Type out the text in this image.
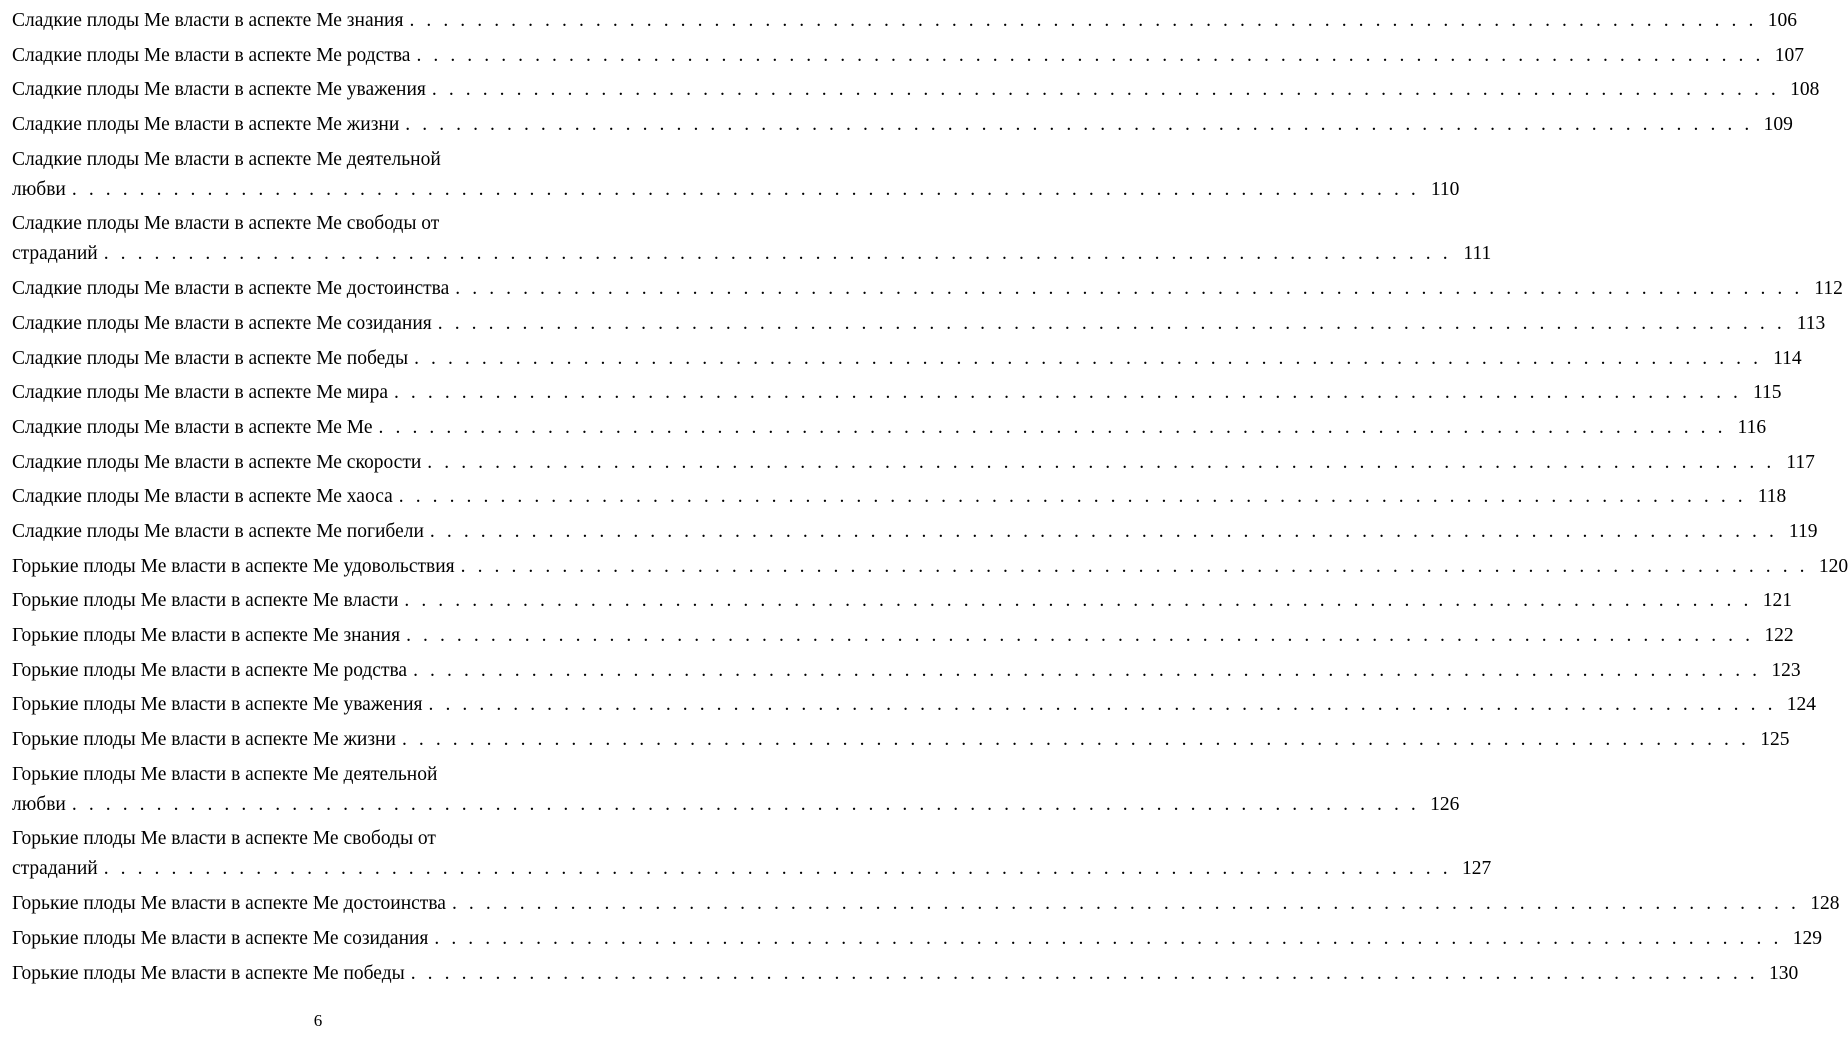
Сладкие плоды Ме власти в аспекте Ме знания . . . . . . . . . . . . . . . . . . . . . . . . . . . . . . . . . . . . . . . . . . . . . . . . . . . . . . . . . . . . . . . . . . . . . . . . . . . . . . . . 106
Сладкие плоды Ме власти в аспекте Ме родства . . . . . . . . . . . . . . . . . . . . . . . . . . . . . . . . . . . . . . . . . . . . . . . . . . . . . . . . . . . . . . . . . . . . . . . . . . . . . . . . 107
Сладкие плоды Ме власти в аспекте Ме уважения . . . . . . . . . . . . . . . . . . . . . . . . . . . . . . . . . . . . . . . . . . . . . . . . . . . . . . . . . . . . . . . . . . . . . . . . . . . . . . . . 108
Сладкие плоды Ме власти в аспекте Ме жизни . . . . . . . . . . . . . . . . . . . . . . . . . . . . . . . . . . . . . . . . . . . . . . . . . . . . . . . . . . . . . . . . . . . . . . . . . . . . . . . . 109
Сладкие плоды Ме власти в аспекте Ме деятельной
любви . . . . . . . . . . . . . . . . . . . . . . . . . . . . . . . . . . . . . . . . . . . . . . . . . . . . . . . . . . . . . . . . . . . . . . . . . . . . . . . . 110
Сладкие плоды Ме власти в аспекте Ме свободы от
страданий . . . . . . . . . . . . . . . . . . . . . . . . . . . . . . . . . . . . . . . . . . . . . . . . . . . . . . . . . . . . . . . . . . . . . . . . . . . . . . . . 111
Сладкие плоды Ме власти в аспекте Ме достоинства . . . . . . . . . . . . . . . . . . . . . . . . . . . . . . . . . . . . . . . . . . . . . . . . . . . . . . . . . . . . . . . . . . . . . . . . . . . . . . . . 112
Сладкие плоды Ме власти в аспекте Ме созидания . . . . . . . . . . . . . . . . . . . . . . . . . . . . . . . . . . . . . . . . . . . . . . . . . . . . . . . . . . . . . . . . . . . . . . . . . . . . . . . . 113
Сладкие плоды Ме власти в аспекте Ме победы . . . . . . . . . . . . . . . . . . . . . . . . . . . . . . . . . . . . . . . . . . . . . . . . . . . . . . . . . . . . . . . . . . . . . . . . . . . . . . . . 114
Сладкие плоды Ме власти в аспекте Ме мира . . . . . . . . . . . . . . . . . . . . . . . . . . . . . . . . . . . . . . . . . . . . . . . . . . . . . . . . . . . . . . . . . . . . . . . . . . . . . . . . 115
Сладкие плоды Ме власти в аспекте Ме Ме . . . . . . . . . . . . . . . . . . . . . . . . . . . . . . . . . . . . . . . . . . . . . . . . . . . . . . . . . . . . . . . . . . . . . . . . . . . . . . . . 116
Сладкие плоды Ме власти в аспекте Ме скорости . . . . . . . . . . . . . . . . . . . . . . . . . . . . . . . . . . . . . . . . . . . . . . . . . . . . . . . . . . . . . . . . . . . . . . . . . . . . . . . . 117
Сладкие плоды Ме власти в аспекте Ме хаоса . . . . . . . . . . . . . . . . . . . . . . . . . . . . . . . . . . . . . . . . . . . . . . . . . . . . . . . . . . . . . . . . . . . . . . . . . . . . . . . . 118
Сладкие плоды Ме власти в аспекте Ме погибели . . . . . . . . . . . . . . . . . . . . . . . . . . . . . . . . . . . . . . . . . . . . . . . . . . . . . . . . . . . . . . . . . . . . . . . . . . . . . . . . 119
Горькие плоды Ме власти в аспекте Ме удовольствия . . . . . . . . . . . . . . . . . . . . . . . . . . . . . . . . . . . . . . . . . . . . . . . . . . . . . . . . . . . . . . . . . . . . . . . . . . . . . . . . 120
Горькие плоды Ме власти в аспекте Ме власти . . . . . . . . . . . . . . . . . . . . . . . . . . . . . . . . . . . . . . . . . . . . . . . . . . . . . . . . . . . . . . . . . . . . . . . . . . . . . . . . 121
Горькие плоды Ме власти в аспекте Ме знания . . . . . . . . . . . . . . . . . . . . . . . . . . . . . . . . . . . . . . . . . . . . . . . . . . . . . . . . . . . . . . . . . . . . . . . . . . . . . . . . 122
Горькие плоды Ме власти в аспекте Ме родства . . . . . . . . . . . . . . . . . . . . . . . . . . . . . . . . . . . . . . . . . . . . . . . . . . . . . . . . . . . . . . . . . . . . . . . . . . . . . . . . 123
Горькие плоды Ме власти в аспекте Ме уважения . . . . . . . . . . . . . . . . . . . . . . . . . . . . . . . . . . . . . . . . . . . . . . . . . . . . . . . . . . . . . . . . . . . . . . . . . . . . . . . . 124
Горькие плоды Ме власти в аспекте Ме жизни . . . . . . . . . . . . . . . . . . . . . . . . . . . . . . . . . . . . . . . . . . . . . . . . . . . . . . . . . . . . . . . . . . . . . . . . . . . . . . . . 125
Горькие плоды Ме власти в аспекте Ме деятельной
любви . . . . . . . . . . . . . . . . . . . . . . . . . . . . . . . . . . . . . . . . . . . . . . . . . . . . . . . . . . . . . . . . . . . . . . . . . . . . . . . . 126
Горькие плоды Ме власти в аспекте Ме свободы от
страданий . . . . . . . . . . . . . . . . . . . . . . . . . . . . . . . . . . . . . . . . . . . . . . . . . . . . . . . . . . . . . . . . . . . . . . . . . . . . . . . . 127
Горькие плоды Ме власти в аспекте Ме достоинства . . . . . . . . . . . . . . . . . . . . . . . . . . . . . . . . . . . . . . . . . . . . . . . . . . . . . . . . . . . . . . . . . . . . . . . . . . . . . . . . 128
Горькие плоды Ме власти в аспекте Ме созидания . . . . . . . . . . . . . . . . . . . . . . . . . . . . . . . . . . . . . . . . . . . . . . . . . . . . . . . . . . . . . . . . . . . . . . . . . . . . . . . . 129
Горькие плоды Ме власти в аспекте Ме победы . . . . . . . . . . . . . . . . . . . . . . . . . . . . . . . . . . . . . . . . . . . . . . . . . . . . . . . . . . . . . . . . . . . . . . . . . . . . . . . . 130
6
